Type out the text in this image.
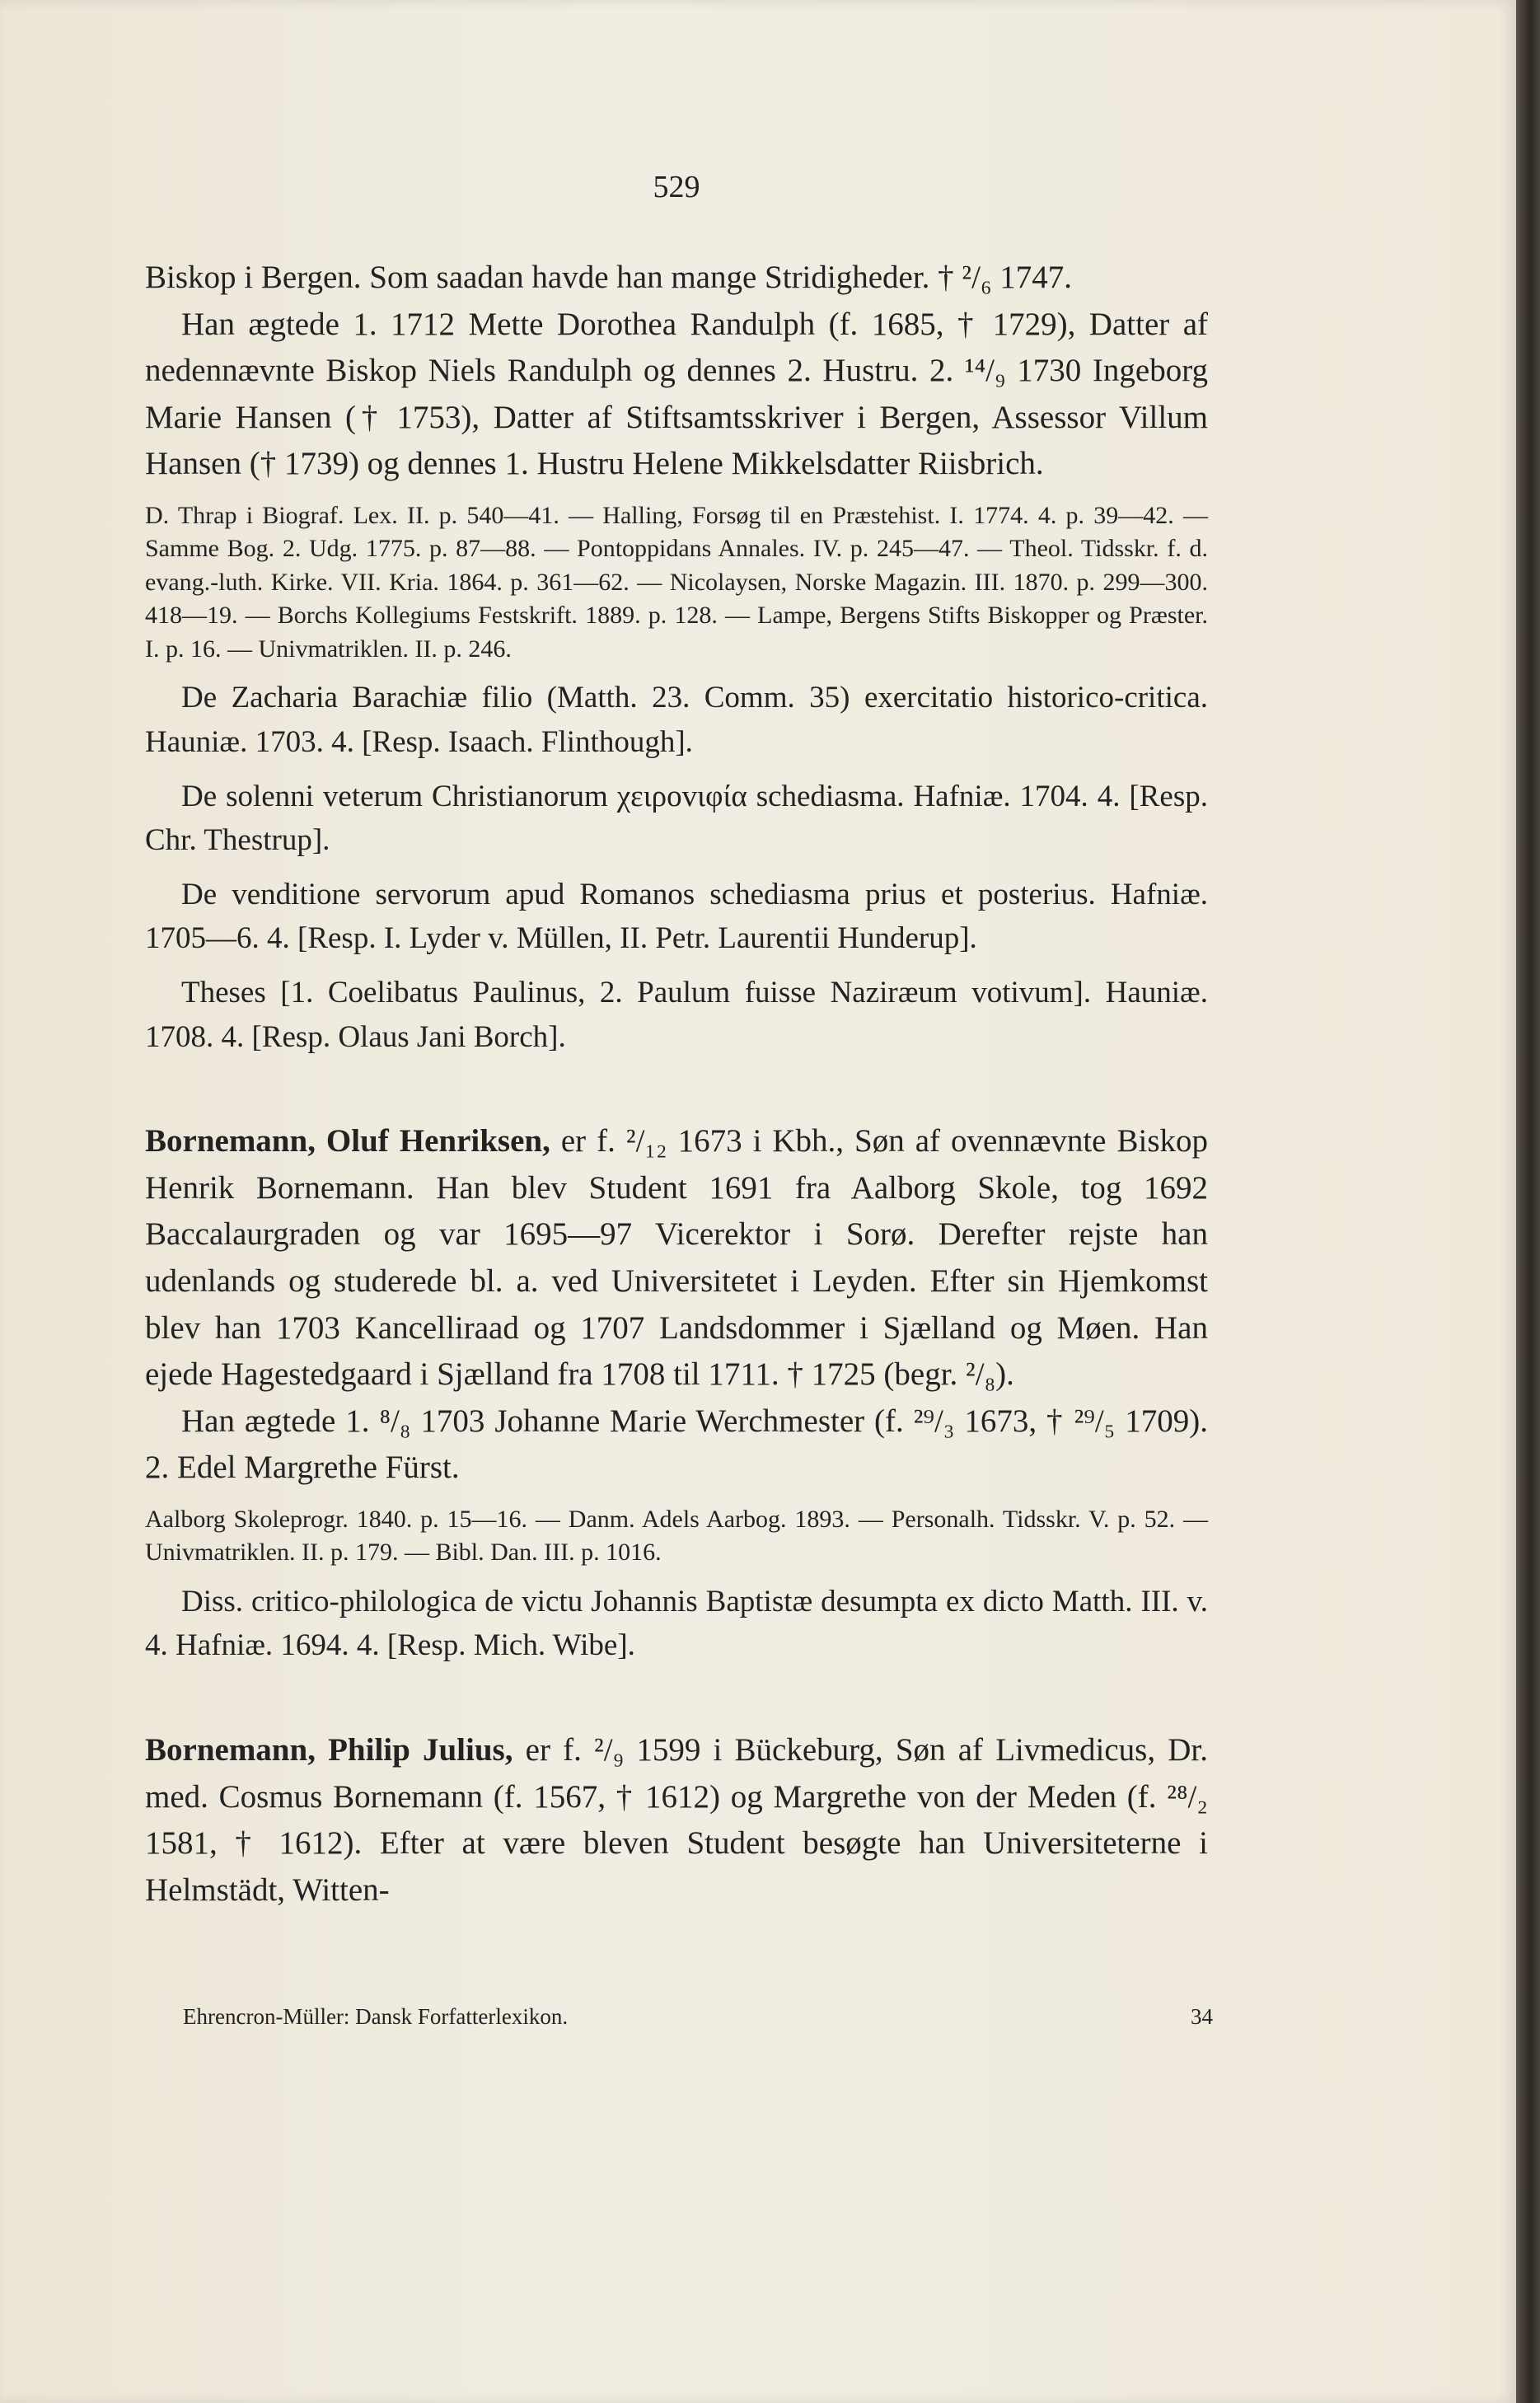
529

Biskop i Bergen. Som saadan havde han mange Stridigheder. † ²/₆ 1747.

Han ægtede 1. 1712 Mette Dorothea Randulph (f. 1685, † 1729), Datter af nedennævnte Biskop Niels Randulph og dennes 2. Hustru. 2. ¹⁴/₉ 1730 Ingeborg Marie Hansen († 1753), Datter af Stiftsamtsskriver i Bergen, Assessor Villum Hansen († 1739) og dennes 1. Hustru Helene Mikkelsdatter Riisbrich.

D. Thrap i Biograf. Lex. II. p. 540—41. — Halling, Forsøg til en Præstehist. I. 1774. 4. p. 39—42. — Samme Bog. 2. Udg. 1775. p. 87—88. — Pontoppidans Annales. IV. p. 245—47. — Theol. Tidsskr. f. d. evang.-luth. Kirke. VII. Kria. 1864. p. 361—62. — Nicolaysen, Norske Magazin. III. 1870. p. 299—300. 418—19. — Borchs Kollegiums Festskrift. 1889. p. 128. — Lampe, Bergens Stifts Biskopper og Præster. I. p. 16. — Univmatriklen. II. p. 246.

De Zacharia Barachiæ filio (Matth. 23. Comm. 35) exercitatio historico-critica. Hauniæ. 1703. 4. [Resp. Isaach. Flinthough].

De solenni veterum Christianorum χειροvιφία schediasma. Hafniæ. 1704. 4. [Resp. Chr. Thestrup].

De venditione servorum apud Romanos schediasma prius et posterius. Hafniæ. 1705—6. 4. [Resp. I. Lyder v. Müllen, II. Petr. Laurentii Hunderup].

Theses [1. Coelibatus Paulinus, 2. Paulum fuisse Naziræum votivum]. Hauniæ. 1708. 4. [Resp. Olaus Jani Borch].

Bornemann, Oluf Henriksen, er f. ²/₁₂ 1673 i Kbh., Søn af ovennævnte Biskop Henrik Bornemann. Han blev Student 1691 fra Aalborg Skole, tog 1692 Baccalaurgraden og var 1695—97 Vicerektor i Sorø. Derefter rejste han udenlands og studerede bl. a. ved Universitetet i Leyden. Efter sin Hjemkomst blev han 1703 Kancelliraad og 1707 Landsdommer i Sjælland og Møen. Han ejede Hagestedgaard i Sjælland fra 1708 til 1711. † 1725 (begr. ²/₈).

Han ægtede 1. ⁸/₈ 1703 Johanne Marie Werchmester (f. ²⁹/₃ 1673, † ²⁹/₅ 1709). 2. Edel Margrethe Fürst.

Aalborg Skoleprogr. 1840. p. 15—16. — Danm. Adels Aarbog. 1893. — Personalh. Tidsskr. V. p. 52. — Univmatriklen. II. p. 179. — Bibl. Dan. III. p. 1016.

Diss. critico-philologica de victu Johannis Baptistæ desumpta ex dicto Matth. III. v. 4. Hafniæ. 1694. 4. [Resp. Mich. Wibe].

Bornemann, Philip Julius, er f. ²/₉ 1599 i Bückeburg, Søn af Livmedicus, Dr. med. Cosmus Bornemann (f. 1567, † 1612) og Margrethe von der Meden (f. ²⁸/₂ 1581, † 1612). Efter at være bleven Student besøgte han Universiteterne i Helmstädt, Witten-

Ehrencron-Müller: Dansk Forfatterlexikon.	34
